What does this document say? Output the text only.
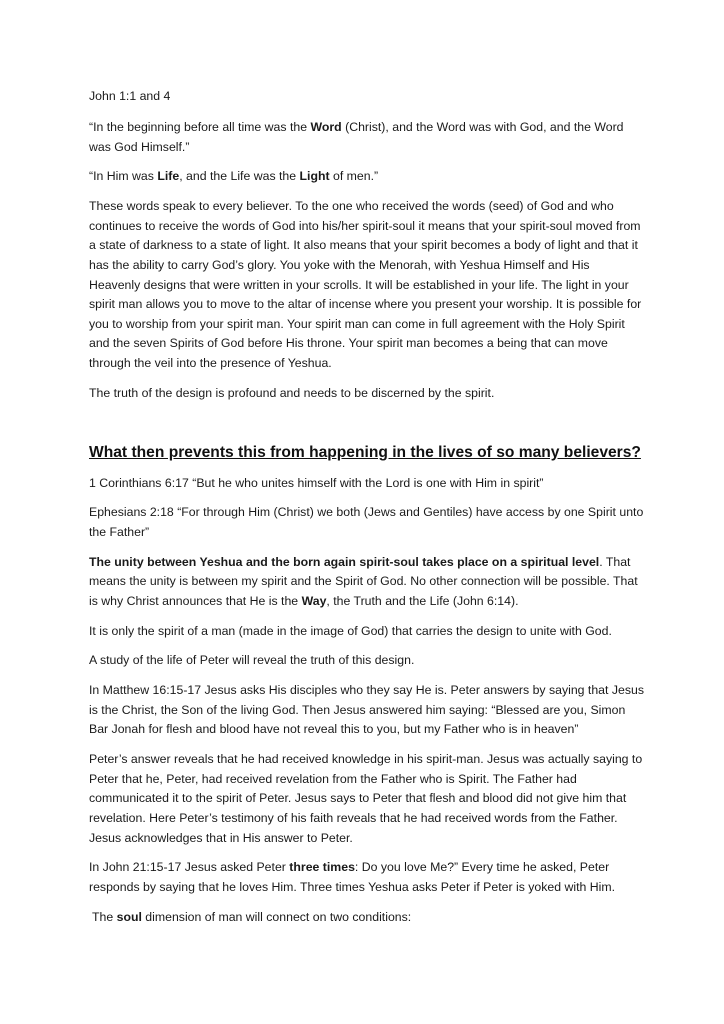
John 1:1 and 4

“In the beginning before all time was the Word (Christ), and the Word was with God, and the Word was God Himself.”

“In Him was Life, and the Life was the Light of men.”

These words speak to every believer. To the one who received the words (seed) of God and who continues to receive the words of God into his/her spirit-soul it means that your spirit-soul moved from a state of darkness to a state of light. It also means that your spirit becomes a body of light and that it has the ability to carry God’s glory. You yoke with the Menorah, with Yeshua Himself and His Heavenly designs that were written in your scrolls. It will be established in your life. The light in your spirit man allows you to move to the altar of incense where you present your worship. It is possible for you to worship from your spirit man. Your spirit man can come in full agreement with the Holy Spirit and the seven Spirits of God before His throne. Your spirit man becomes a being that can move through the veil into the presence of Yeshua.

The truth of the design is profound and needs to be discerned by the spirit.

What then prevents this from happening in the lives of so many believers?

1 Corinthians 6:17 “But he who unites himself with the Lord is one with Him in spirit”

Ephesians 2:18 “For through Him (Christ) we both (Jews and Gentiles) have access by one Spirit unto the Father”

The unity between Yeshua and the born again spirit-soul takes place on a spiritual level. That means the unity is between my spirit and the Spirit of God. No other connection will be possible. That is why Christ announces that He is the Way, the Truth and the Life (John 6:14).

It is only the spirit of a man (made in the image of God) that carries the design to unite with God.

A study of the life of Peter will reveal the truth of this design.

In Matthew 16:15-17 Jesus asks His disciples who they say He is. Peter answers by saying that Jesus is the Christ, the Son of the living God. Then Jesus answered him saying: “Blessed are you, Simon Bar Jonah for flesh and blood have not reveal this to you, but my Father who is in heaven”

Peter’s answer reveals that he had received knowledge in his spirit-man. Jesus was actually saying to Peter that he, Peter, had received revelation from the Father who is Spirit. The Father had communicated it to the spirit of Peter. Jesus says to Peter that flesh and blood did not give him that revelation. Here Peter’s testimony of his faith reveals that he had received words from the Father. Jesus acknowledges that in His answer to Peter.

In John 21:15-17 Jesus asked Peter three times: Do you love Me?” Every time he asked, Peter responds by saying that he loves Him. Three times Yeshua asks Peter if Peter is yoked with Him.

The soul dimension of man will connect on two conditions:
